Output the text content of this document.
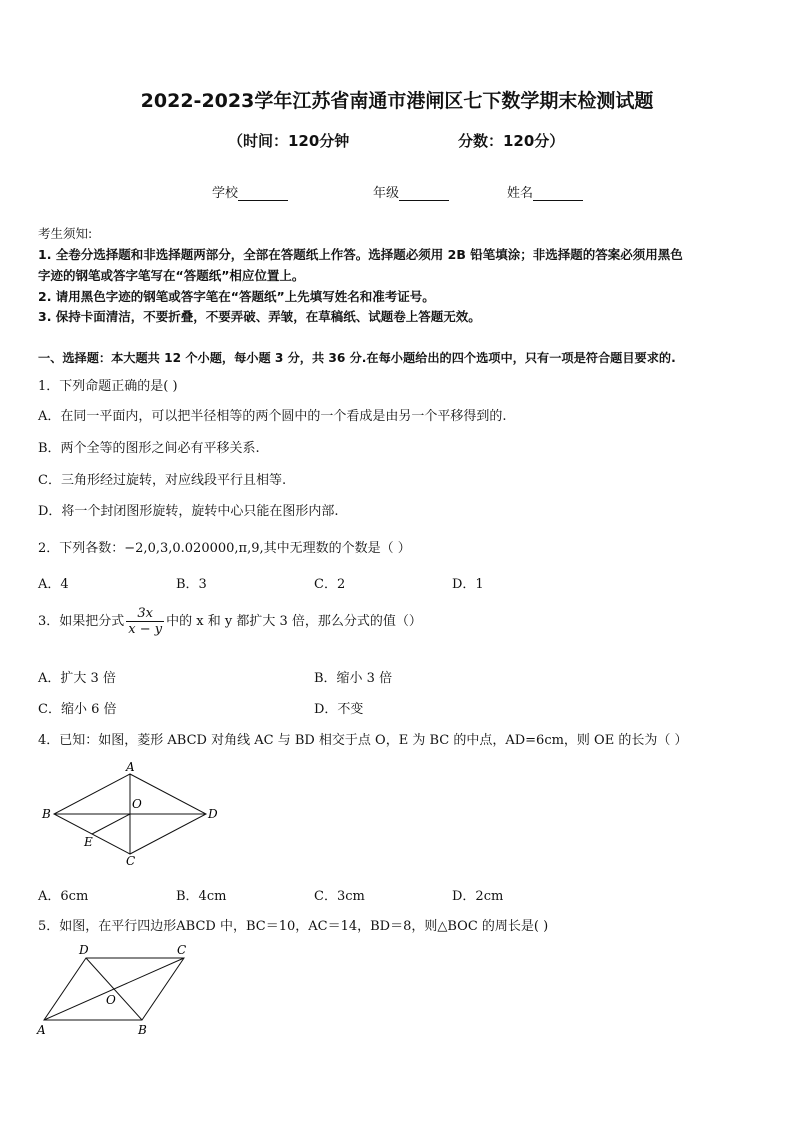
2022-2023学年江苏省南通市港闸区七下数学期末检测试题
（时间：120分钟	分数：120分）
学校	年级	姓名
考生须知:
1. 全卷分选择题和非选择题两部分，全部在答题纸上作答。选择题必须用 2B 铅笔填涂；非选择题的答案必须用黑色
字迹的钢笔或答字笔写在“答题纸”相应位置上。
2. 请用黑色字迹的钢笔或答字笔在“答题纸”上先填写姓名和准考证号。
3. 保持卡面清洁，不要折叠，不要弄破、弄皱，在草稿纸、试题卷上答题无效。
一、选择题：本大题共 12 个小题，每小题 3 分，共 36 分.在每小题给出的四个选项中，只有一项是符合题目要求的.
1．下列命题正确的是( )
A．在同一平面内，可以把半径相等的两个圆中的一个看成是由另一个平移得到的.
B．两个全等的图形之间必有平移关系.
C．三角形经过旋转，对应线段平行且相等.
D．将一个封闭图形旋转，旋转中心只能在图形内部.
2．下列各数：−2,0,3,0.020000,π,9,其中无理数的个数是（ ）
A．4	B．3	C．2	D．1
3．如果把分式 $\frac{3x}{x - y}$ 中的 x 和 y 都扩大 3 倍，那么分式的值（）
A．扩大 3 倍	B．缩小 3 倍
C．缩小 6 倍	D．不变
4．已知：如图，菱形 ABCD 对角线 AC 与 BD 相交于点 O，E 为 BC 的中点，AD=6cm，则 OE 的长为（ ）
A
B
C
D
O
E
A．6cm	B．4cm	C．3cm	D．2cm
5．如图，在平行四边形ABCD 中，BC＝10，AC＝14，BD＝8，则△BOC 的周长是( )
D	C
O
A	B
